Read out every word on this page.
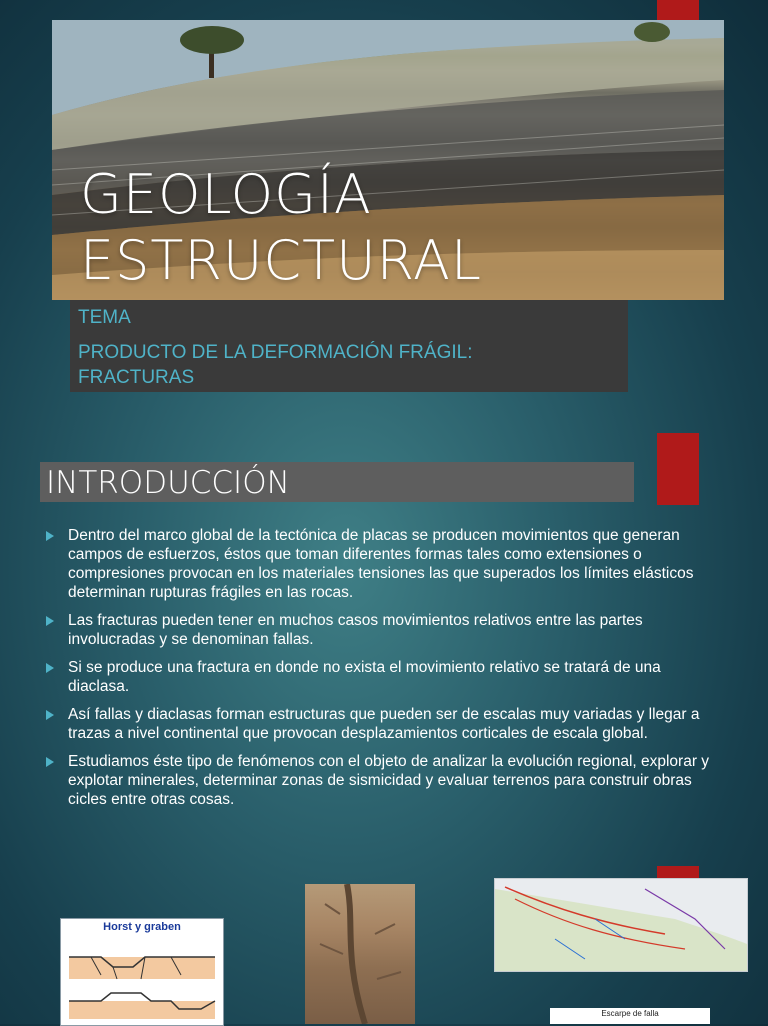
GEOLOGÍA
ESTRUCTURAL
TEMA
PRODUCTO DE LA DEFORMACIÓN FRÁGIL:
FRACTURAS
INTRODUCCIÓN
Dentro del marco global de la tectónica de placas se producen movimientos que generan campos de esfuerzos, éstos que toman diferentes formas tales como extensiones o compresiones provocan en los materiales tensiones las que superados los límites elásticos determinan rupturas frágiles en las rocas.
Las fracturas pueden tener en muchos casos movimientos relativos entre las partes involucradas y se denominan fallas.
Si se produce una fractura en donde no exista el movimiento relativo se tratará de una diaclasa.
Así fallas y diaclasas forman estructuras que pueden ser de escalas muy variadas y llegar a trazas a nivel continental que provocan desplazamientos corticales de escala global.
Estudiamos éste tipo de fenómenos con el objeto de analizar la evolución regional, explorar y explotar minerales, determinar zonas de sismicidad y evaluar terrenos para construir obras cicles entre otras cosas.
Horst y graben
Escarpe de falla
